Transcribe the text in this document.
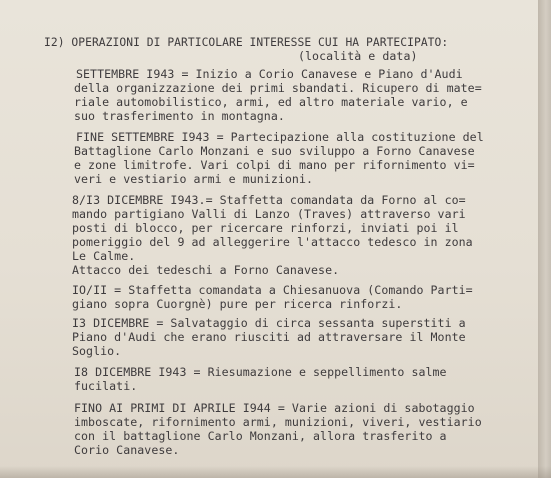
I2) OPERAZIONI DI PARTICOLARE INTERESSE CUI HA PARTECIPATO:
(località e data)
SETTEMBRE I943 = Inizio a Corio Canavese e Piano d'Audi
della organizzazione dei primi sbandati. Ricupero di mate=
riale automobilistico, armi, ed altro materiale vario, e
suo trasferimento in montagna.
FINE SETTEMBRE I943 = Partecipazione alla costituzione del
Battaglione Carlo Monzani e suo sviluppo a Forno Canavese
e zone limitrofe. Vari colpi di mano per rifornimento vi=
veri e vestiario armi e munizioni.
8/I3 DICEMBRE I943.= Staffetta comandata da Forno al co=
mando partigiano Valli di Lanzo (Traves) attraverso vari
posti di blocco, per ricercare rinforzi, inviati poi il
pomeriggio del 9 ad alleggerire l'attacco tedesco in zona
Le Calme.
Attacco dei tedeschi a Forno Canavese.
IO/II = Staffetta comandata a Chiesanuova (Comando Parti=
giano sopra Cuorgnè) pure per ricerca rinforzi.
I3 DICEMBRE = Salvataggio di circa sessanta superstiti a
Piano d'Audi che erano riusciti ad attraversare il Monte
Soglio.
I8 DICEMBRE I943 = Riesumazione e seppellimento salme
fucilati.
FINO AI PRIMI DI APRILE I944 = Varie azioni di sabotaggio
imboscate, rifornimento armi, munizioni, viveri, vestiario
con il battaglione Carlo Monzani, allora trasferito a
Corio Canavese.
